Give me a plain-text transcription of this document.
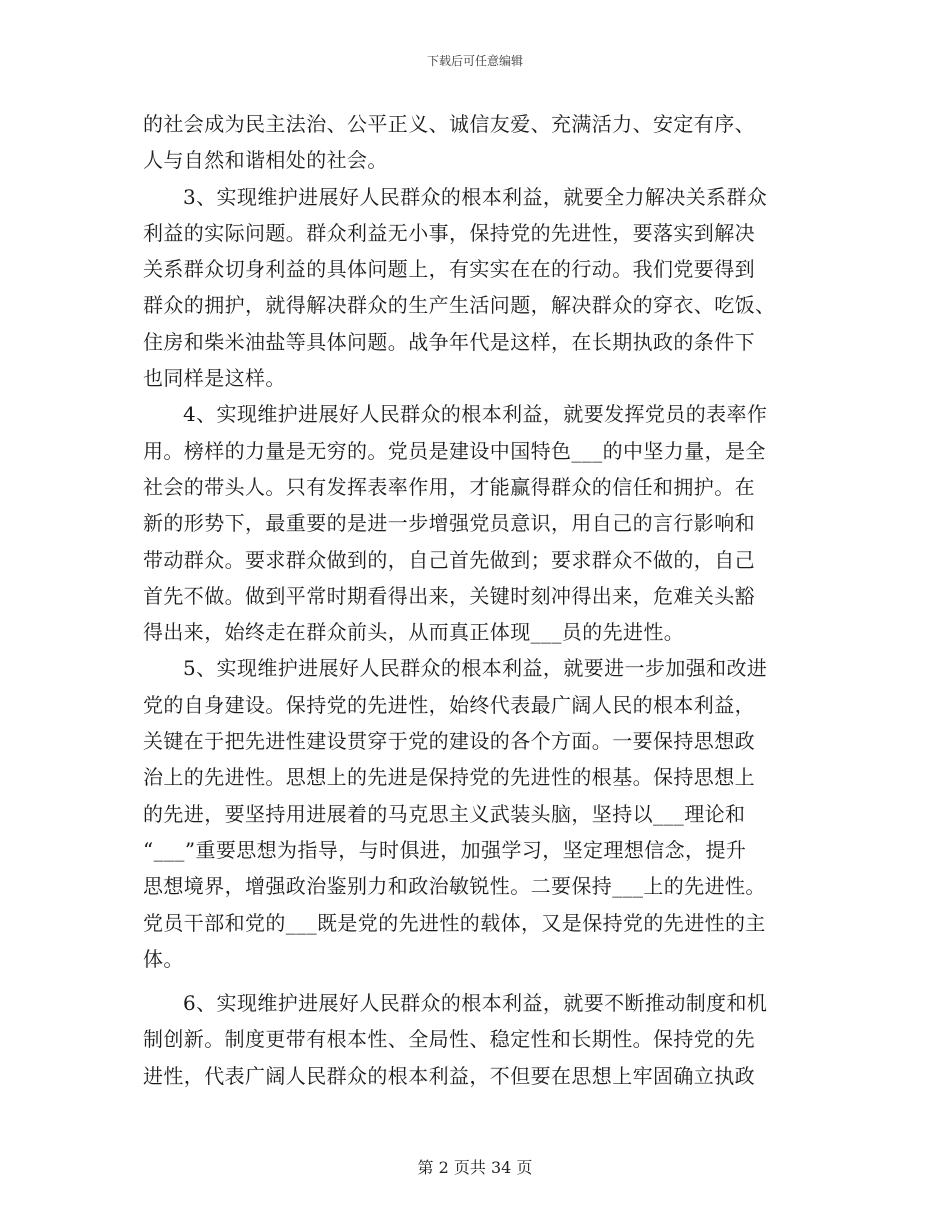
下载后可任意编辑
的社会成为民主法治、公平正义、诚信友爱、充满活力、安定有序、
人与自然和谐相处的社会。
3、实现维护进展好人民群众的根本利益，就要全力解决关系群众
利益的实际问题。群众利益无小事，保持党的先进性，要落实到解决
关系群众切身利益的具体问题上，有实实在在的行动。我们党要得到
群众的拥护，就得解决群众的生产生活问题，解决群众的穿衣、吃饭、
住房和柴米油盐等具体问题。战争年代是这样，在长期执政的条件下
也同样是这样。
4、实现维护进展好人民群众的根本利益，就要发挥党员的表率作
用。榜样的力量是无穷的。党员是建设中国特色___的中坚力量，是全
社会的带头人。只有发挥表率作用，才能赢得群众的信任和拥护。在
新的形势下，最重要的是进一步增强党员意识，用自己的言行影响和
带动群众。要求群众做到的，自己首先做到；要求群众不做的，自己
首先不做。做到平常时期看得出来，关键时刻冲得出来，危难关头豁
得出来，始终走在群众前头，从而真正体现___员的先进性。
5、实现维护进展好人民群众的根本利益，就要进一步加强和改进
党的自身建设。保持党的先进性，始终代表最广阔人民的根本利益，
关键在于把先进性建设贯穿于党的建设的各个方面。一要保持思想政
治上的先进性。思想上的先进是保持党的先进性的根基。保持思想上
的先进，要坚持用进展着的马克思主义武装头脑，坚持以___理论和
“___”重要思想为指导，与时俱进，加强学习，坚定理想信念，提升
思想境界，增强政治鉴别力和政治敏锐性。二要保持___上的先进性。
党员干部和党的___既是党的先进性的载体，又是保持党的先进性的主
体。
6、实现维护进展好人民群众的根本利益，就要不断推动制度和机
制创新。制度更带有根本性、全局性、稳定性和长期性。保持党的先
进性，代表广阔人民群众的根本利益，不但要在思想上牢固确立执政
第 2 页共 34 页
